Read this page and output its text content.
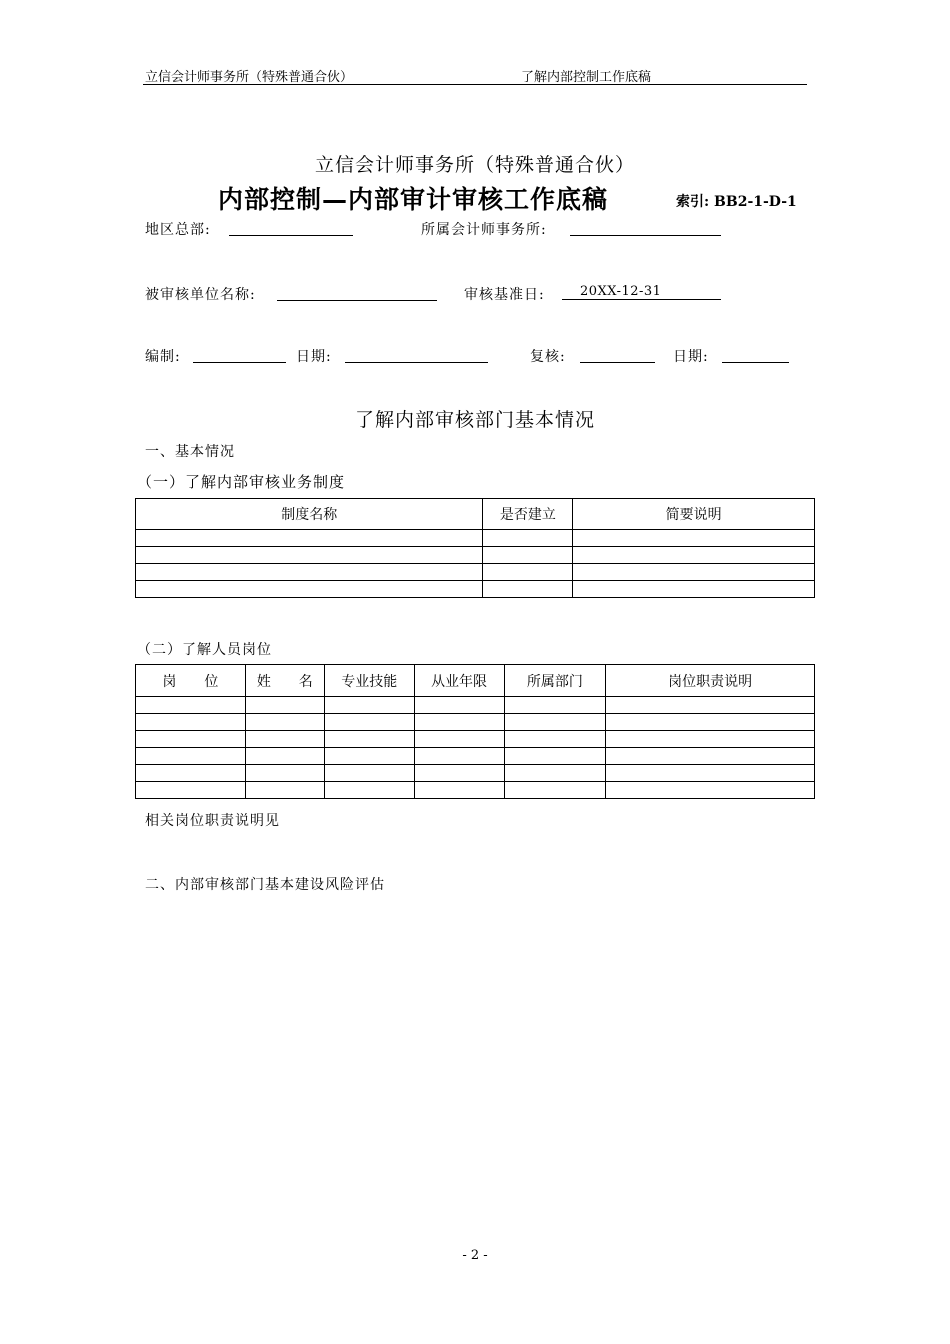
立信会计师事务所（特殊普通合伙）	了解内部控制工作底稿
立信会计师事务所（特殊普通合伙）
内部控制—内部审计审核工作底稿	索引: BB2-1-D-1
地区总部:	所属会计师事务所:
被审核单位名称:	审核基准日:	20XX-12-31
编制:	日期:	复核:	日期:
了解内部审核部门基本情况
一、基本情况
（一）了解内部审核业务制度
制度名称	是否建立	简要说明

（二）了解人员岗位
岗　　位	姓　　名	专业技能	从业年限	所属部门	岗位职责说明

相关岗位职责说明见
二、内部审核部门基本建设风险评估
- 2 -
